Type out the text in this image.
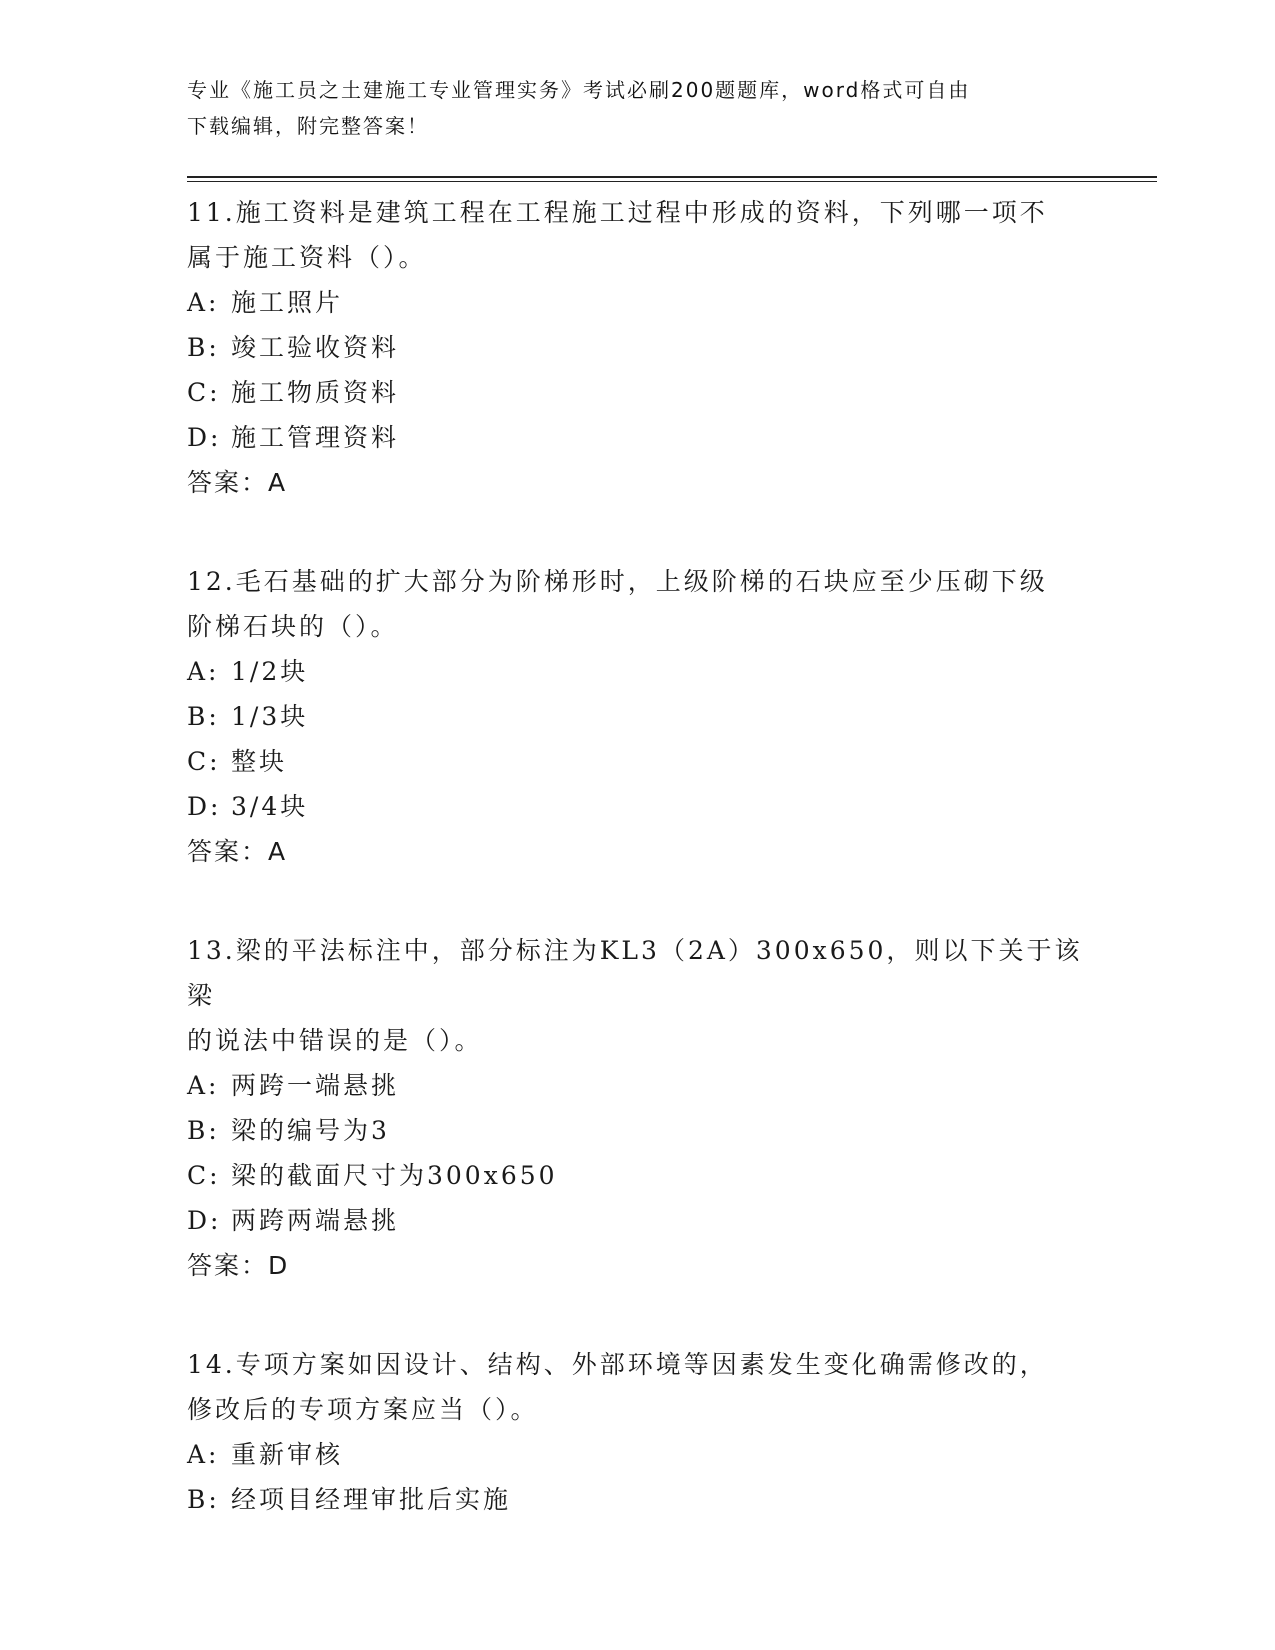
专业《施工员之土建施工专业管理实务》考试必刷200题题库，word格式可自由
下载编辑，附完整答案！

11.施工资料是建筑工程在工程施工过程中形成的资料，下列哪一项不

属于施工资料（）。

A: 施工照片

B: 竣工验收资料

C: 施工物质资料

D: 施工管理资料

答案：A

12.毛石基础的扩大部分为阶梯形时，上级阶梯的石块应至少压砌下级

阶梯石块的（）。

A: 1/2块

B: 1/3块

C: 整块

D: 3/4块

答案：A

13.梁的平法标注中，部分标注为KL3（2A）300x650，则以下关于该梁

的说法中错误的是（）。

A: 两跨一端悬挑

B: 梁的编号为3

C: 梁的截面尺寸为300x650

D: 两跨两端悬挑

答案：D

14.专项方案如因设计、结构、外部环境等因素发生变化确需修改的，

修改后的专项方案应当（）。

A: 重新审核

B: 经项目经理审批后实施
